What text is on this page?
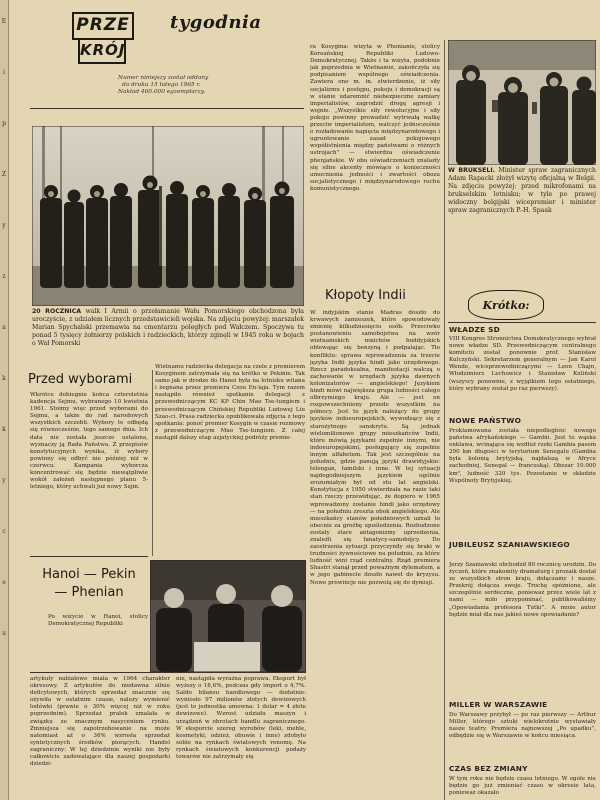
E
i
p
Z
y
z
a
k
k
y
c
e
u
PRZE
KRÓJ
tygodnia
Numer niniejszy został oddany
do druku 15 lutego 1965 r.
Nakład 460.000 egzemplarzy.
20 ROCZNICA walk I Armii o przełamanie Wału Pomorskiego obchodzona była uroczyście, z udziałem licznych przedstawicieli wojska. Na zdjęciu powyżej: marszałek Marian Spychalski przemawia na cmentarzu poległych pod Wałczem. Spoczywa tu ponad 5 tysięcy żołnierzy polskich i radzieckich, którzy zginęli w 1945 roku w bojach o Wał Pomorski
ra Kosygina: wizyta w Phenianie, stolicy Koreańskiej Republiki Ludowo-Demokratycznej. Także i ta wizyta, podobnie jak poprzednia w Wietnamie, zakończyła się podpisaniem wspólnego oświadczenia. Zawiera ono m. in. stwierdzenie, iż siły socjalizmu i postępu, pokoju i demokracji są w stanie udaremnić niebezpieczne zamiary imperialistów, zagrodzić drogę agresji i wojnie. „Wszystkie siły rewolucyjne i siły pokoju powinny prowadzić wytrwałą walkę przeciw imperialistom, walczyć jednocześnie o rozładowanie napięcia międzynarodowego i ugruntowanie zasad pokojowego współistnienia między państwami o różnych ustrojach” — stwierdza oświadczenie phenjańskie. W obu oświadczeniach znalazły się silne akcenty mówiące o konieczności umocnienia jedności i zwartości obozu socjalistycznego i międzynarodowego ruchu komunistycznego.
Kłopoty Indii
W indyjskim stanie Madras doszło do krwawych zamieszek, które spowodowały zmienię kilkudziesięciu osób. Przeciwko postanowieniu samobójstwa na wzór wietnamskich mnichów buddyjskich oblewając się benzyną i podpalając. Tło konfliktu: sprawa wprowadzenia za trzecie języka Indii języka hindi jako urzędowego. Rzecz paradoksalna, manifestacji walczą o zachowanie w urzędach języka dawnych kolonizatorów — angielskiego! Językiem hindi mówi największa grupa ludności całego olbrzymiego kraju. Ale — jest on rozpowszechniony przede wszystkim na północy. Jest to język należący do grupy języków indoeuropejskich, wywodzący się z starożytnego sanskrytu. Są jednak wielomilionowe grupy mieszkańców Indii, które mówią językami zupełnie innymi, nie indoeuropejskimi, posługujący się zupełnie innym alfabetem. Tak jest szczególnie na południu, gdzie panują języki drawidyjskie: telengan, tamilski i inne. W tej sytuacji najdogodniejszym językiem ogólnie zrozumiałym był od stu lat angielski. Konstytucja z 1950 stwierdzała na razie taki stan rzeczy przewidując, że dopiero w 1965 wprowadzony zostanie hindi jako urzędowy — na południu zreszta obok angielskiego. Ale mieszkańcy stanów południowych uznali to obecnie za groźbę upośledzenia. Rozbudzone zostały stare antagonizmy uprzedzenia, znaleźli się fanatycy-samobójcy. Do zaostrzenia sytuacji przyczyniły się braki w trudności żywnościowe na południu, za które ludność wini rząd centralny. Rząd premiera Shastri stanął przed poważnym dylematem, a w jego gabinecie doszło nawet do kryzysu. Nowe prowincje nie pozwolą się do dymisji.
W BRUKSELI. Minister spraw zagranicznych Adam Rapacki złożył wizytę oficjalną w Belgii. Na zdjęciu powyżej: przed mikrofonami na brukselskim lotnisku; w tyle po prawej widoczny belgijski wicepremier i minister spraw zagranicznych P.-H. Spaak
Krótko:
WŁADZE SD
VIII Kongres Stronnictwa Demokratycznego wybrał nowe władze SD. Przewodniczącym centralnego komitetu został ponownie prof. Stanisław Kulczyński. Sekretarzem generalnym — Jan Karol Wende, wiceprzewodniczącymi — Leon Chajn, Włodzimierz Lechowicz i Stanisław Kuliński (wszyscy ponownie, z wyjątkiem tego ostatniego, który wybrany został po raz pierwszy).
NOWE PAŃSTWO
Proklamowana została niepodległość nowego państwa afrykańskiego — Gambii. Jest to wąska enklawa, wcinająca się wzdłuż rzeki Gambia pasem 290 km długości w terytorium Senegalu (Gambia była kolonią brytyjską, najdalszą w Afryce zachodniej, Senegal — francuską). Obszar 10.000 km², ludność 320 tys. Pozostanie w składzie Wspólnoty Brytyjskiej.
JUBILEUSZ SZANIAWSKIEGO
Jerzy Szaniawski obchodził 80 rocznicę urodzin. Do życzeń, które znakomity dramaturg i prozaik dostał ze wszystkich stron kraju, dołączamy i nasze. Przekrój dołącza swoje. Trochę spóźnione, ale szczególnie serdeczne, ponieważ przez wiele lat z nami — miło przypominać, publikowaliśmy „Opowiadania profesora Tutki”. A może autor będzie miał dla nas jakieś nowe opowiadanie?
MILLER W WARSZAWIE
Do Warszawy przybył — po raz pierwszy — Arthur Miller, którego sztuki wielokrotnie wystawiały nasze teatry. Premiera najnowszej „Po upadku”, odbędzie się w Warszawie w końcu miesiąca.
CZAS BEZ ZMIANY
W tym roku nie będzie czasu letniego. W ogóle nie będzie go już zmieniać czasu w okresie lata, ponieważ okazało
Przed wyborami
Wkrótce dobiegnie końca czteroletnia kadencja Sejmu, wybranego 10 kwietnia 1961. Stoimy więc przed wyborami do Sejmu, a także do rad narodowych wszystkich szczebli. Wybory te odbędą się równocześnie, tego samego dnia. Ich data nie została jeszcze ustalona, wyznaczy ją Rada Państwa. Z przepisów konstytucyjnych wynika, iż wybory powinny się odbyć nie później niż w czerwcu. Kampania wyborcza koncentrować się będzie niewątpliwie wokół założeń następnego planu 5-letniego, który uchwali już nowy Sejm.
Wietnamu radziecka delegacja na czele z premierem Kosyginem zatrzymała się na krótko w Pekinie. Tak samo jak w drodze do Hanoi była na lotnisku witana i żegnana przez premiera Czou En-laja. Tym razem nastąpiło również spotkanie delegacji z przewodniczącym KC KP Chin Mao Tse-tungiem i przewodniczącym Chińskiej Republiki Ludowej Liu Szao-ci. Prasa radziecka opublikowała zdjęcia z tego spotkania: ponoć premier Kosygin w czasie rozmowy z przewodniczącym Mao Tse-tungiem. Z całej nastąpił dalszy etap azjatyckiej podróży premie-
Hanoi — Pekin
— Phenian
Po wizycie w Hanoi, stolicy Demokratycznej Republiki
artykuły nabiałowe miała w 1964 charakter okresowy. Z artykułów do niedawna silnie deficytowych, których sprzedaż znacznie się ożywiła w ostatnim czasie, należy wymienić lodówki (prawie o 30% więcej niż w roku poprzednim). Sprzedaż pralek zmalała w związku ze znacznym nasyceniem rynku. Zmniejsza się zapotrzebowanie na może natomiast aż o 36% wzrosła sprzedaż syntetycznych środków piorących. Handel zagraniczny: W tej dziedzinie wyniki nie były całkowicie zadowalające dla naszej gospodarki dziedzi-
nie, nastąpiła wyraźna poprawa. Eksport był wyższy o 18,6%, podczas gdy import o 4,7%. Saldo bilansu handlowego — dodatnie: wyniosło 97 milionów złotych dewizowych (jest to jednostka umowna: 1 dolar = 4 złote dewizowe). Wzrost udziału maszyn i urządzeń w obrotach handlu zagranicznego. W eksporcie szereg wyrobów (leki, meble, kosmetyki, odzież, obuwie i inne) zdobyło sobie na rynkach światowych renomę. Na rynkach światowych konkurencji podaży towarów nie zatrzymały się
